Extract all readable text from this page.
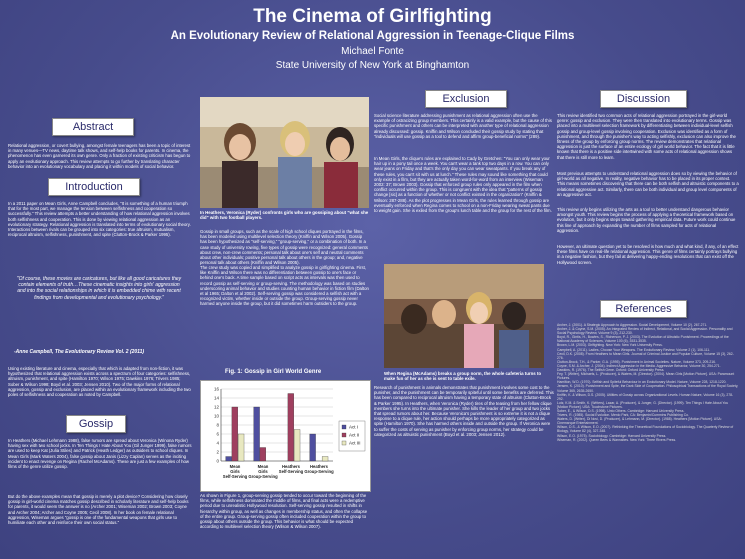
The Cinema of Girlfighting
An Evolutionary Review of Relational Aggression in Teenage-Clique Films
Michael Fonte
State University of New York at Binghamton
Abstract
Relational aggression, or covert bullying, amongst female teenagers has been a topic of interest in many venues—TV news, daytime talk shows, and self-help books for parents. In cinema, the phenomenon has even garnered its own genre. Only a fraction of existing criticism has begun to apply an evolutionary approach. This review attempts to go further by translating character behavior into an evolutionary vocabulary and placing it within models of social behavior.
Introduction
In a 2011 paper on Mean Girls, Anne Campbell concludes, "It is something of a human triumph that for the most part, we manage the tension between selfishness and cooperation so successfully." This review attempts a better understanding of how relational aggression involves both selfishness and cooperation. This is done by viewing relational aggression as an evolutionary strategy. Relational aggression is translated into terms of evolutionary social theory. Interactions between rivals can be grouped into six categories: true altruism, mutualism, reciprocal altruism, selfishness, punishment, and spite (Clutton-Brock & Parker 1995).
"Of course, these movies are caricatures, but like all good caricatures they contain elements of truth…These cinematic insights into girls' aggression and into the social relationships in which it is embedded chime with recent findings from developmental and evolutionary psychology."
-Anne Campbell, The Evolutionary Review Vol. 2 (2011)
Using existing literature and cinema, especially that which is adapted from non-fiction, it was hypothesized that relational aggression exists across a spectrum of four categories: selfishness, altruism, punishment, and spite (Hamilton 1970; Wilson 1975; Dawkins 1976; Trivers 1985; Sober & Wilson 1998; Boyd et al. 2003; Jensen 2010). Two of the major forms of relational aggression, gossip and exclusion, are placed within an evolutionary framework including the two poles of selfishness and cooperation as noted by Campbell.
Gossip
In Heathers (Michael Lehmann 1988), false rumors are spread about Veronica (Winona Ryder) having sex with two school jocks. In Ten Things I Hate About You (Gil Junger 1999), false rumors are used to keep Kat (Julia Stiles) and Patrick (Heath Ledger) as outsiders to school cliques. In Mean Girls (Mark Waters 2004), false gossip about Janis (Lizzy Caplan) serves as the inciting incident to enact revenge on Regina (Rachel McAdams). These are just a few examples of how films of the genre utilize gossip.
But do the above examples mean that gossip is merely a plot device? Considering how closely gossip in girl-world cinema matches gossip described in scholarly literature and self-help books for parents, it would seem the answer is no (Archer 2001; Wiseman 2002; Brown 2003; Coyne and Archer 2004; Archer and Coyne 2005; Cecil 2008). In her book on female relational aggression, Wiseman argues "gossip is one of the fundamental weapons that girls use to humiliate each other and reinforce their own social status."
In Heathers, Veronica (Ryder) confronts girls who are gossiping about "what she did" with two football players.
Gossip in small groups, such as the scale of high school cliques portrayed in the films, has been modeled using multilevel selection theory (Kniffin and Wilson 2005). Gossip has been hypothesized as "self-serving," "group-serving," or a combination of both. In a case study of university rowing, five types of gossip were recognized: general comments about crew, non-crew comments; personal talk about one's self and neutral comments about other individuals; positive personal talk about others in the group; and, negative personal talk about others (Kniffin and Wilson 2005).
The crew study was copied and simplified to analyze gossip in girlfighting cinema. First, like Kniffin and Wilson there was no differentiation between gossip to one's face or behind one's back. A time sample based on script acts as intervals was then used to record gossip as self-serving or group-serving. The methodology was based on studies underscoring animal behavior and studies counting human behavior in fiction film (Dalton et al 1965; Dalton et al 2002). Self-serving gossip was considered a selfish act with a recognized victim, whether inside or outside the group. Group-serving gossip never harmed anyone inside the group, but it did sometimes harm outsiders to the group.
Fig. 1: Gossip in Girl World Genre
0
2
4
6
8
10
12
14
16
Mean Girls Self-Serving
Mean Girls Group-Serving
Heathers Self-Serving
Heathers Group-Serving
Act I
Act II
Act III
As shown in Figure 1, group-serving gossip tended to occur toward the beginning of the films, while selfishness dominated the middle of films, and final acts were a redemptive period due to unrealistic Hollywood resolution. Self-serving gossip resulted in shifts in hierarchy within group, as well as changes in membership status, and often the collapse of the entire group. Group-serving gossip often included cooperation within the group to gossip about others outside the group. This behavior is what should be expected according to multilevel selection theory (Wilson & Wilson 2007).
Exclusion
Social science literature addressing punishment as relational aggression often use the example of ostracizing group members. This certainly is a valid example, but the cause of this specific punishment and others can be interpreted with another type of relational aggression already discussed: gossip. Kniffin and Wilson concluded their gossip study by stating that "individuals will use gossip as a tool to defend and affirm group-beneficial norms" (289).
In Mean Girls, the clique's rules are explained to Cady by Gretchen: "You can only wear your hair up in a pony tail once a week. You can't wear a tank top two days in a row. You can only wear jeans on Friday and that's the only day you can wear sweatpants. If you break any of these rules, you can't sit with us at lunch." These rules may sound like something that could only exist in a film, but they are actually taken word-for-word from an interview (Wiseman 2002: 37; Brown 2003). Gossip that enforced group rules only appeared in the film when conflict occurred within the group. This is congruent with the idea that "patterns of gossip change [sic] as a function of whether or not conflict existed in the organization" (Kniffin & Wilson: 287-288). As the plot progresses in Mean Girls, the rules learned through gossip are eventually enforced when Regina comes to school on a non-Friday wearing sweat pants due to weight gain. She is exiled from the group's lunch table and the group for the rest of the film.
When Regina (McAdams) breaks a group norm, the whole cafeteria turns to make fun of her as she is sent to table exile.
Research of punishment in animals demonstrates that punishment involves some cost to the punisher, and the punishment can be temporarily spiteful until some benefits are deferred. This has been compared to reciprocal altruism having a temporary state of altruism (Clutton-Brock & Parker 1995). In Heathers, when Veronica (Ryder) tires of the teasing from her fellow clique members she turns into the ultimate punisher. She kills the leader of her group and two jocks that spread rumors about her. Because Veronica's punishment is so extreme it is not a clique response to a clique rule, her action should perhaps be more appropriately categorized as spite (Hamilton 1970). She has harmed others inside and outside the group. If Veronica were to suffer the costs of serving as punisher by enforcing group norms, her strategy could be categorized as altruistic punishment (Boyd et al. 2003; Jensen 2012).
Discussion
This review identified two common acts of relational aggression portrayed in the girl-world genre: gossip and exclusion. They were then translated into evolutionary terms. Gossip was placed into a multilevel selection framework by differentiating between individual-level selfish gossip and group-level gossip involving cooperation. Exclusion was identified as a form of punishment, and through the punisher's way to acting selfishly, exclusion can also improve the fitness of the group by enforcing group norms. The review demonstrates that relational aggression is just the surface of an entire ecology of girl world behavior. The fact that it is little known that there is a positive side intertwined with some acts of relational aggression shows that there is still more to learn.
Most previous attempts to understand relational aggression does so by viewing the behavior of girl-world as all negative. In reality, negative behavior has to be placed in its proper context. This means sometimes discovering that there can be both selfish and altruistic components to a relational aggressive act. Similarly, there can be both individual and group level components of an aggressive act.
This review only begins utilizing the arts as a tool to better understand dangerous behavior amongst youth. This review begins the process of applying a theoretical framework based on evolution, but it only begins steps toward gathering empirical data. Future work could continue this line of approach by expanding the number of films sampled for acts of relational aggression.
However, an ultimate question yet to be resolved is how much and what kind, if any, of an effect these films have on real-life relational aggression. This genre of films certainly portrays bullying in a negative fashion, but they fail at delivering happy-ending resolutions that can exist off the Hollywood screen.
References
Archer, J. (2001). A Strategic Approach to Aggression. Social Development, Volume 10 (2), 267-271.
Archer, J. & Coyne, S.M. (2005). An Integrated Review of Indirect, Relational, and Social Aggression. Personality and Social Psychology Review, Volume 9 (3), 212-230.
Boyd, R., Gintis, H., Bowles, S., Richerson, P. J. (2003). The Evolution of Altruistic Punishment. Proceedings of the National Academy of Sciences, Volume 100 (6), 3531-3535.
Brown, L.M. (2003). Girlfighting. New York: New York University Press.
Campbell, A. (2011). Ladies, Choose Your Weapons. The Evolutionary Review, Volume 2 (1), 106-111.
Cecil, D.K. (2008). From Heathers to Mean Girls. Journal of Criminal Justice and Popular Culture, Volume 15 (3), 262-276.
Clutton-Brock, T.H., & Parker, G.A. (1995). Punishment in Animal Societies. Nature, Volume 373, 209-216.
Coyne, S.M. & Archer, J. (2004). Indirect Aggression in the Media. Aggressive Behavior, Volume 30, 254-271.
Dawkins, R. (1976). The Selfish Gene. Oxford: Oxford University Press.
Fey, T. (Writer), Michaels, L. (Producer), & Waters, M. (Director). (2004). Mean Girls [Motion Picture]. USA: Paramount Pictures.
Hamilton, W.D. (1970). Selfish and Spiteful Behaviour in an Evolutionary Model. Nature, Volume 228, 1218-1220.
Jensen, K. (2010). Punishment and Spite, the Dark Side of Cooperation. Philosophical Transactions of the Royal Society, Volume 365, 2635-2650.
Kniffin, K. & Wilson, D.S. (2005). Utilities of Gossip across Organizational Levels. Human Nature, Volume 16 (3), 278-292.
Lutz, K.M. & Smith, K. (Writers), Lazar, A. (Producer), & Junger, G. (Director). (1999). Ten Things I Hate About You [Motion Picture]. USA: Touchstone Pictures.
Sober, E., & Wilson, D.S. (1998). Unto Others. Cambridge: Harvard University Press.
Trivers, R. (1985). Social Evolution. Menlo Park, CA: Benjamin/Cummins Publishing Co.
Waters, D. (Writer), Di Novi, D. (Producer), & Lehmann, M. (Director). (1988). Heathers [Motion Picture]. USA: Cinemarque Entertainment.
Wilson, D.S., & Wilson, E.O. (2007). Rethinking the Theoretical Foundations of Sociobiology. The Quarterly Review of Biology, Volume 82 (4), 327-348.
Wilson, E.O. (1975). Sociobiology. Cambridge: Harvard University Press.
Wiseman, R. (2002). Queen Bees & Wannabes. New York: Three Rivers Press.
